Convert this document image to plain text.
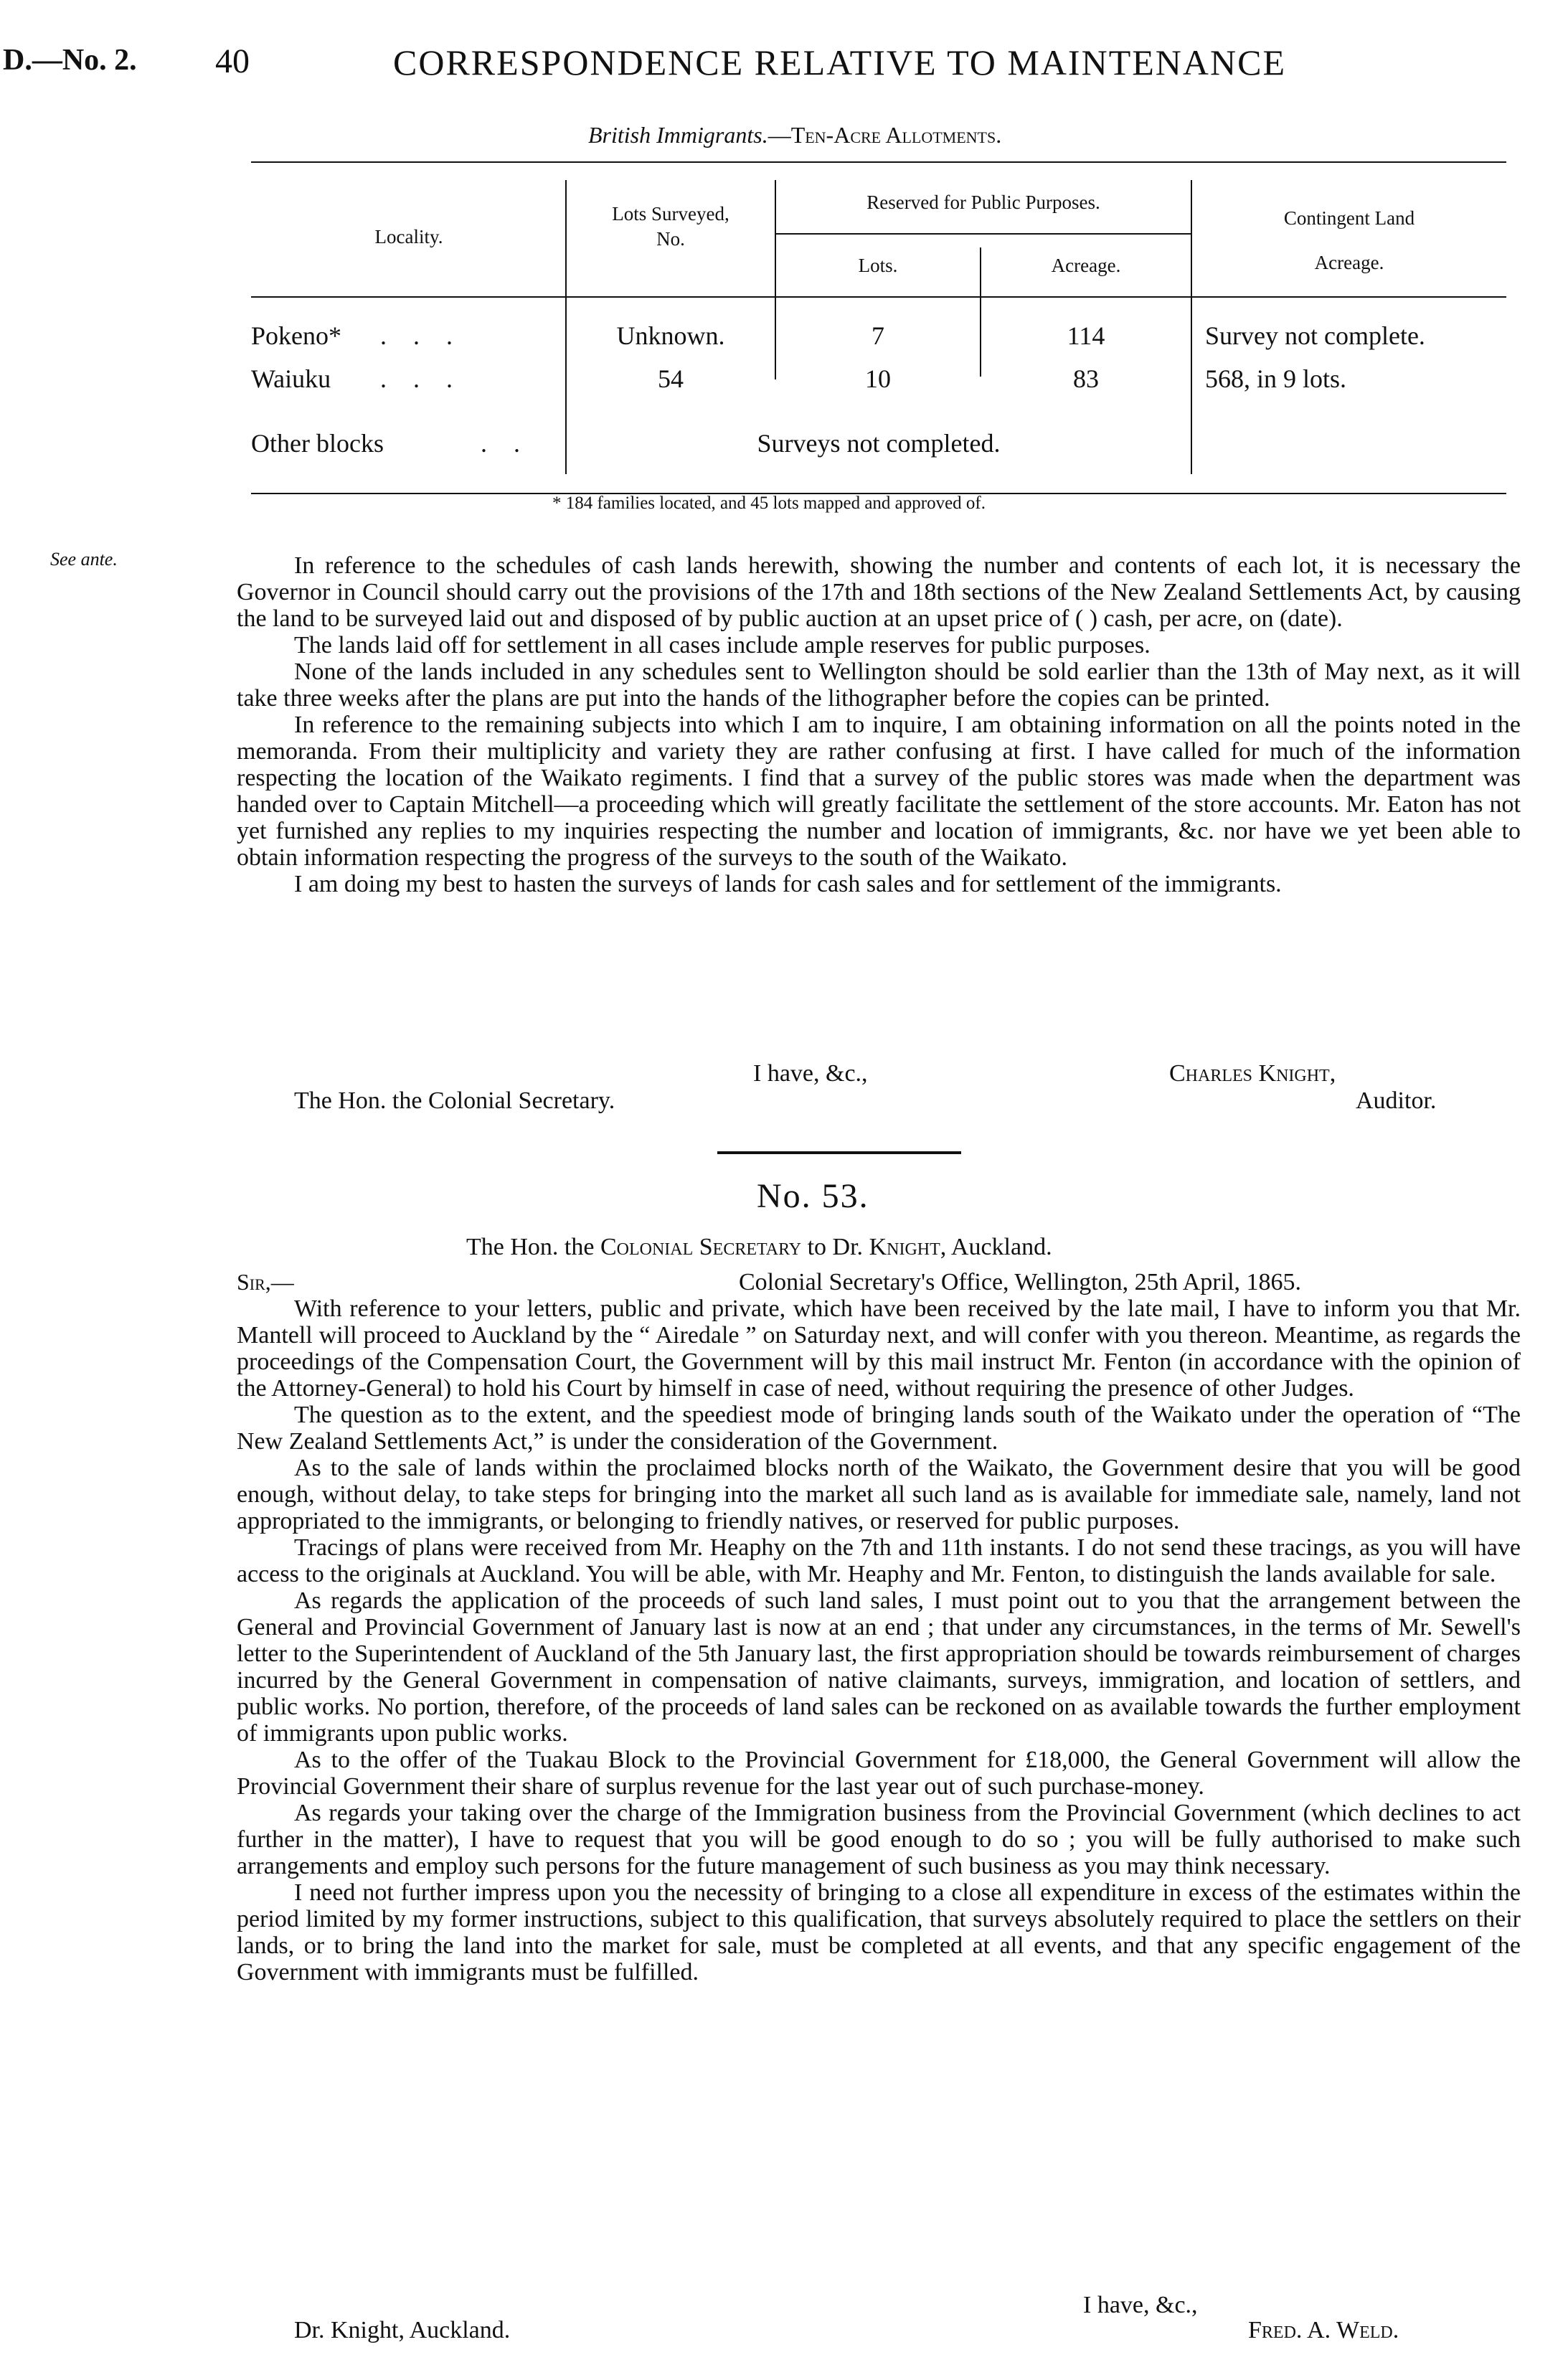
D.—No. 2. 40	CORRESPONDENCE RELATIVE TO MAINTENANCE
British Immigrants.—Ten-Acre Allotments.
Locality.
Lots Surveyed,
No.
Reserved for Public Purposes.
Lots.	Acreage.
Contingent Land
Acreage.
Pokeno* . . .	Unknown.	7	114	Survey not complete.
Waiuku . . .	54	10	83	568, in 9 lots.
Other blocks	. .	Surveys not completed.
* 184 families located, and 45 lots mapped and approved of.
See ante.	In reference to the schedules of cash lands herewith, showing the number and contents of each lot, it is necessary the Governor in Council should carry out the provisions of the 17th and 18th sections of the New Zealand Settlements Act, by causing the land to be surveyed laid out and disposed of by public auction at an upset price of ( ) cash, per acre, on (date).

The lands laid off for settlement in all cases include ample reserves for public purposes.

None of the lands included in any schedules sent to Wellington should be sold earlier than the 13th of May next, as it will take three weeks after the plans are put into the hands of the lithographer before the copies can be printed.

In reference to the remaining subjects into which I am to inquire, I am obtaining information on all the points noted in the memoranda. From their multiplicity and variety they are rather confusing at first. I have called for much of the information respecting the location of the Waikato regiments. I find that a survey of the public stores was made when the department was handed over to Captain Mitchell—a proceeding which will greatly facilitate the settlement of the store accounts. Mr. Eaton has not yet furnished any replies to my inquiries respecting the number and location of immigrants, &c. nor have we yet been able to obtain information respecting the progress of the surveys to the south of the Waikato.

I am doing my best to hasten the surveys of lands for cash sales and for settlement of the immigrants.

I have, &c.,	Charles Knight,
The Hon. the Colonial Secretary.	Auditor.
No. 53.
The Hon. the Colonial Secretary to Dr. Knight, Auckland.
Sir,—	Colonial Secretary's Office, Wellington, 25th April, 1865.

With reference to your letters, public and private, which have been received by the late mail, I have to inform you that Mr. Mantell will proceed to Auckland by the “ Airedale ” on Saturday next, and will confer with you thereon. Meantime, as regards the proceedings of the Compensation Court, the Government will by this mail instruct Mr. Fenton (in accordance with the opinion of the Attorney-General) to hold his Court by himself in case of need, without requiring the presence of other Judges.

The question as to the extent, and the speediest mode of bringing lands south of the Waikato under the operation of “The New Zealand Settlements Act,” is under the consideration of the Government.

As to the sale of lands within the proclaimed blocks north of the Waikato, the Government desire that you will be good enough, without delay, to take steps for bringing into the market all such land as is available for immediate sale, namely, land not appropriated to the immigrants, or belonging to friendly natives, or reserved for public purposes.

Tracings of plans were received from Mr. Heaphy on the 7th and 11th instants. I do not send these tracings, as you will have access to the originals at Auckland. You will be able, with Mr. Heaphy and Mr. Fenton, to distinguish the lands available for sale.

As regards the application of the proceeds of such land sales, I must point out to you that the arrangement between the General and Provincial Government of January last is now at an end ; that under any circumstances, in the terms of Mr. Sewell's letter to the Superintendent of Auckland of the 5th January last, the first appropriation should be towards reimbursement of charges incurred by the General Government in compensation of native claimants, surveys, immigration, and location of settlers, and public works. No portion, therefore, of the proceeds of land sales can be reckoned on as available towards the further employment of immigrants upon public works.

As to the offer of the Tuakau Block to the Provincial Government for £18,000, the General Government will allow the Provincial Government their share of surplus revenue for the last year out of such purchase-money.

As regards your taking over the charge of the Immigration business from the Provincial Government (which declines to act further in the matter), I have to request that you will be good enough to do so ; you will be fully authorised to make such arrangements and employ such persons for the future management of such business as you may think necessary.

I need not further impress upon you the necessity of bringing to a close all expenditure in excess of the estimates within the period limited by my former instructions, subject to this qualification, that surveys absolutely required to place the settlers on their lands, or to bring the land into the market for sale, must be completed at all events, and that any specific engagement of the Government with immigrants must be fulfilled.

I have, &c.,
Dr. Knight, Auckland.	Fred. A. Weld.
